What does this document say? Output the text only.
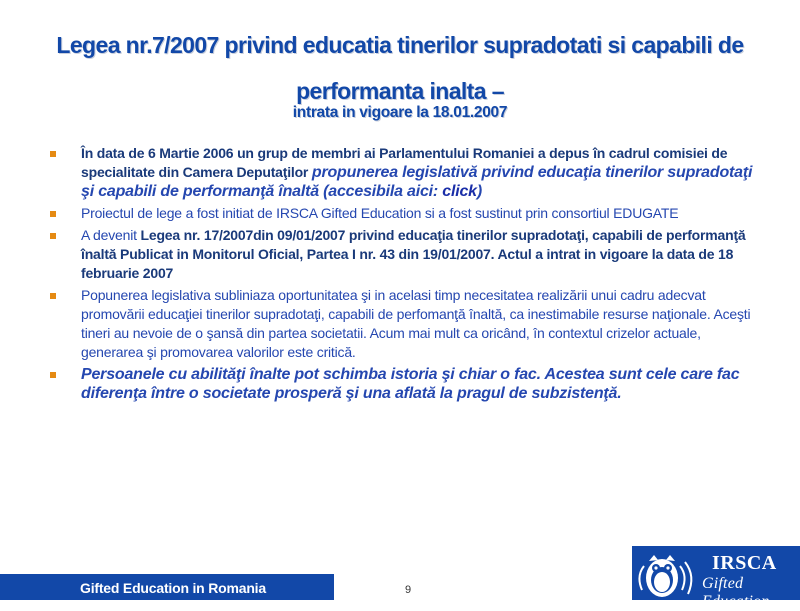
Legea nr.7/2007 privind educatia tinerilor supradotati si capabili de
performanta inalta –
intrata in vigoare la 18.01.2007
În data de 6 Martie 2006 un grup de membri ai Parlamentului Romaniei a depus în cadrul comisiei de specialitate din Camera Deputaţilor propunerea legislativă privind educaţia tinerilor supradotaţi şi capabili de performanţă înaltă (accesibila aici: click)
Proiectul de lege a fost initiat de IRSCA Gifted Education si a fost sustinut prin consortiul EDUGATE
A devenit Legea nr. 17/2007din 09/01/2007 privind educaţia tinerilor supradotaţi, capabili de performanţă înaltă Publicat in Monitorul Oficial, Partea I nr. 43 din 19/01/2007. Actul a intrat in vigoare la data de 18 februarie 2007
Popunerea legislativa subliniaza oportunitatea şi in acelasi timp necesitatea realizării unui cadru adecvat promovării educaţiei tinerilor supradotaţi, capabili de perfomanţă înaltă, ca inestimabile resurse naţionale. Aceşti tineri au nevoie de o şansă din partea societatii. Acum mai mult ca oricând, în contextul crizelor actuale, generarea şi promovarea valorilor este critică.
Persoanele cu abilităţi înalte pot schimba istoria şi chiar o fac. Acestea sunt cele care fac diferenţa între o societate prosperă şi una aflată la pragul de subzistenţă.
Gifted Education in Romania	9
IRSCA
Gifted Education
